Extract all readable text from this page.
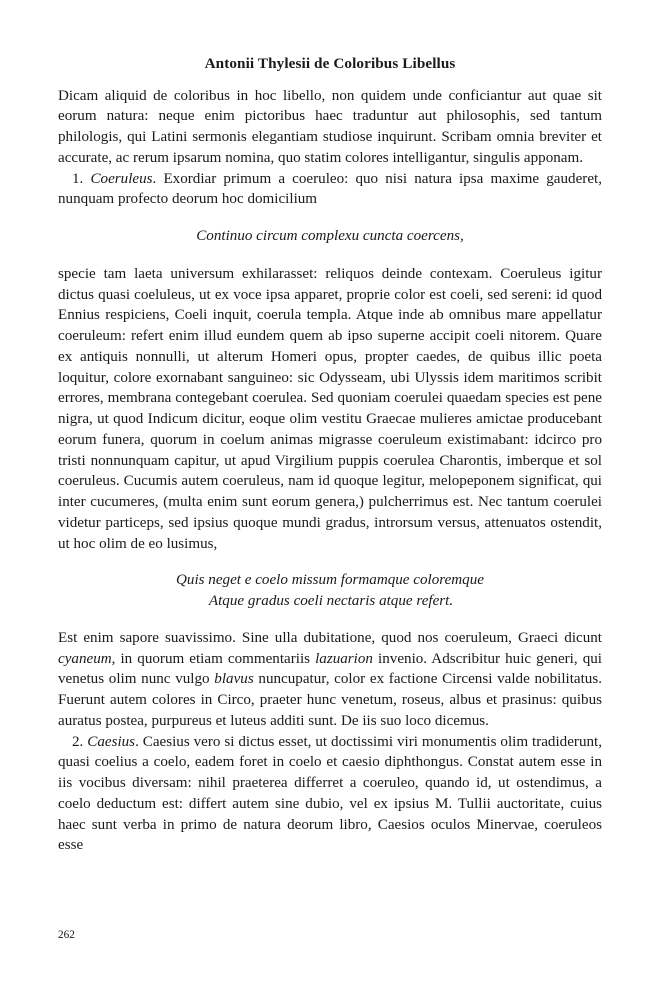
Antonii Thylesii de Coloribus Libellus

Dicam aliquid de coloribus in hoc libello, non quidem unde conficiantur aut quae sit eorum natura: neque enim pictoribus haec traduntur aut philosophis, sed tantum philologis, qui Latini sermonis elegantiam studiose inquirunt. Scribam omnia breviter et accurate, ac rerum ipsarum nomina, quo statim colores intelligantur, singulis apponam.

1. Coeruleus. Exordiar primum a coeruleo: quo nisi natura ipsa maxime gauderet, nunquam profecto deorum hoc domicilium

Continuo circum complexu cuncta coercens,

specie tam laeta universum exhilarasset: reliquos deinde contexam. Coeruleus igitur dictus quasi coeluleus, ut ex voce ipsa apparet, proprie color est coeli, sed sereni: id quod Ennius respiciens, Coeli inquit, coerula templa. Atque inde ab omnibus mare appellatur coeruleum: refert enim illud eundem quem ab ipso superne accipit coeli nitorem. Quare ex antiquis nonnulli, ut alterum Homeri opus, propter caedes, de quibus illic poeta loquitur, colore exornabant sanguineo: sic Odysseam, ubi Ulyssis idem maritimos scribit errores, membrana contegebant coerulea. Sed quoniam coerulei quaedam species est pene nigra, ut quod Indicum dicitur, eoque olim vestitu Graecae mulieres amictae producebant eorum funera, quorum in coelum animas migrasse coeruleum existimabant: idcirco pro tristi nonnunquam capitur, ut apud Virgilium puppis coerulea Charontis, imberque et sol coeruleus. Cucumis autem coeruleus, nam id quoque legitur, melopeponem significat, qui inter cucumeres, (multa enim sunt eorum genera,) pulcherrimus est. Nec tantum coerulei videtur particeps, sed ipsius quoque mundi gradus, introrsum versus, attenuatos ostendit, ut hoc olim de eo lusimus,

Quis neget e coelo missum formamque coloremque
Atque gradus coeli nectaris atque refert.

Est enim sapore suavissimo. Sine ulla dubitatione, quod nos coeruleum, Graeci dicunt cyaneum, in quorum etiam commentariis lazuarion invenio. Adscribitur huic generi, qui venetus olim nunc vulgo blavus nuncupatur, color ex factione Circensi valde nobilitatus. Fuerunt autem colores in Circo, praeter hunc venetum, roseus, albus et prasinus: quibus auratus postea, purpureus et luteus additi sunt. De iis suo loco dicemus.

2. Caesius. Caesius vero si dictus esset, ut doctissimi viri monumentis olim tradiderunt, quasi coelius a coelo, eadem foret in coelo et caesio diphthongus. Constat autem esse in iis vocibus diversam: nihil praeterea differret a coeruleo, quando id, ut ostendimus, a coelo deductum est: differt autem sine dubio, vel ex ipsius M. Tullii auctoritate, cuius haec sunt verba in primo de natura deorum libro, Caesios oculos Minervae, coeruleos esse

262
